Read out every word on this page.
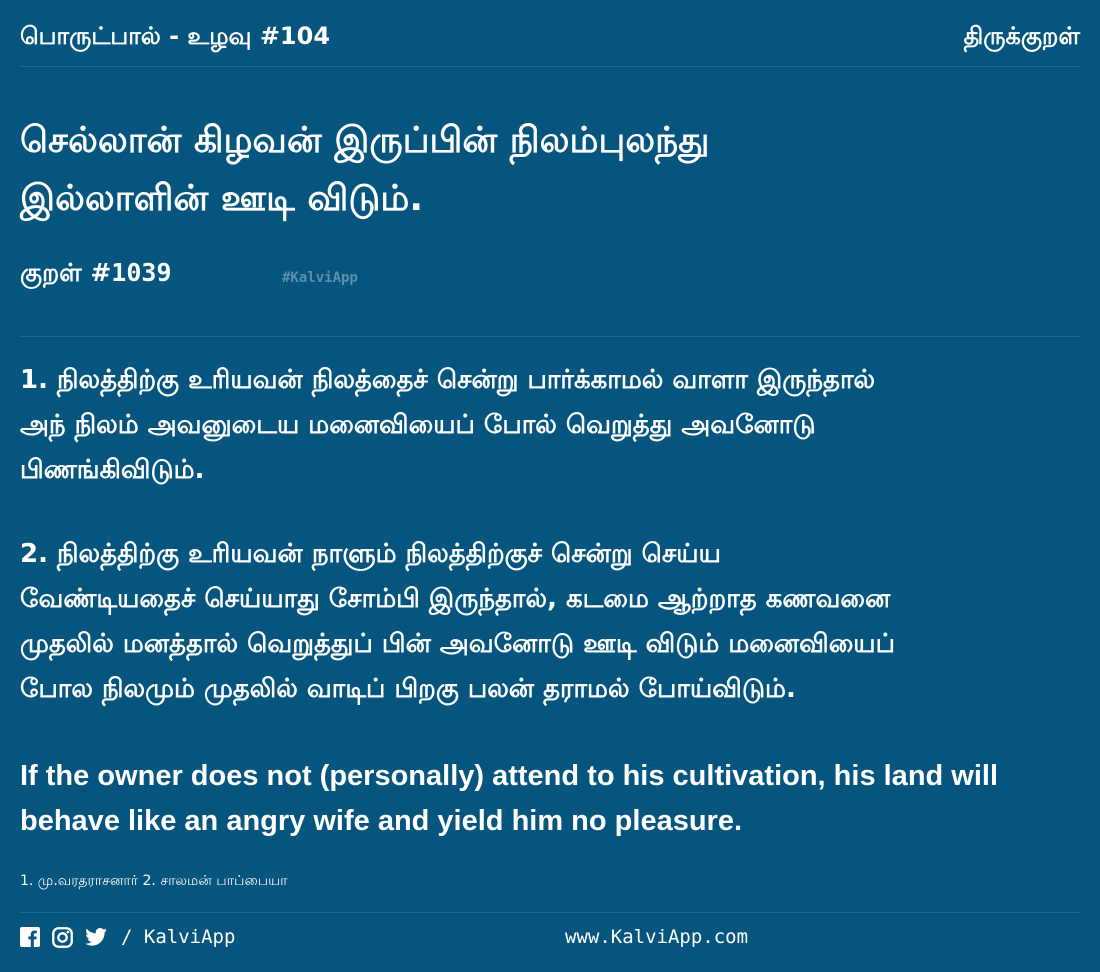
பொருட்பால் - உழவு #104	திருக்குறள்
செல்லான் கிழவன் இருப்பின் நிலம்புலந்து
இல்லாளின் ஊடி விடும்.
குறள் #1039	#KalviApp
1. நிலத்திற்கு உரியவன் நிலத்தைச் சென்று பார்க்காமல் வாளா இருந்தால்
அந் நிலம் அவனுடைய மனைவியைப் போல் வெறுத்து அவனோடு
பிணங்கிவிடும்.
2. நிலத்திற்கு உரியவன் நாளும் நிலத்திற்குச் சென்று செய்ய
வேண்டியதைச் செய்யாது சோம்பி இருந்தால், கடமை ஆற்றாத கணவனை
முதலில் மனத்தால் வெறுத்துப் பின் அவனோடு ஊடி விடும் மனைவியைப்
போல நிலமும் முதலில் வாடிப் பிறகு பலன் தராமல் போய்விடும்.
If the owner does not (personally) attend to his cultivation, his land will
behave like an angry wife and yield him no pleasure.
1. மு.வரதராசனார் 2. சாலமன் பாப்பையா
/ KalviApp	www.KalviApp.com
